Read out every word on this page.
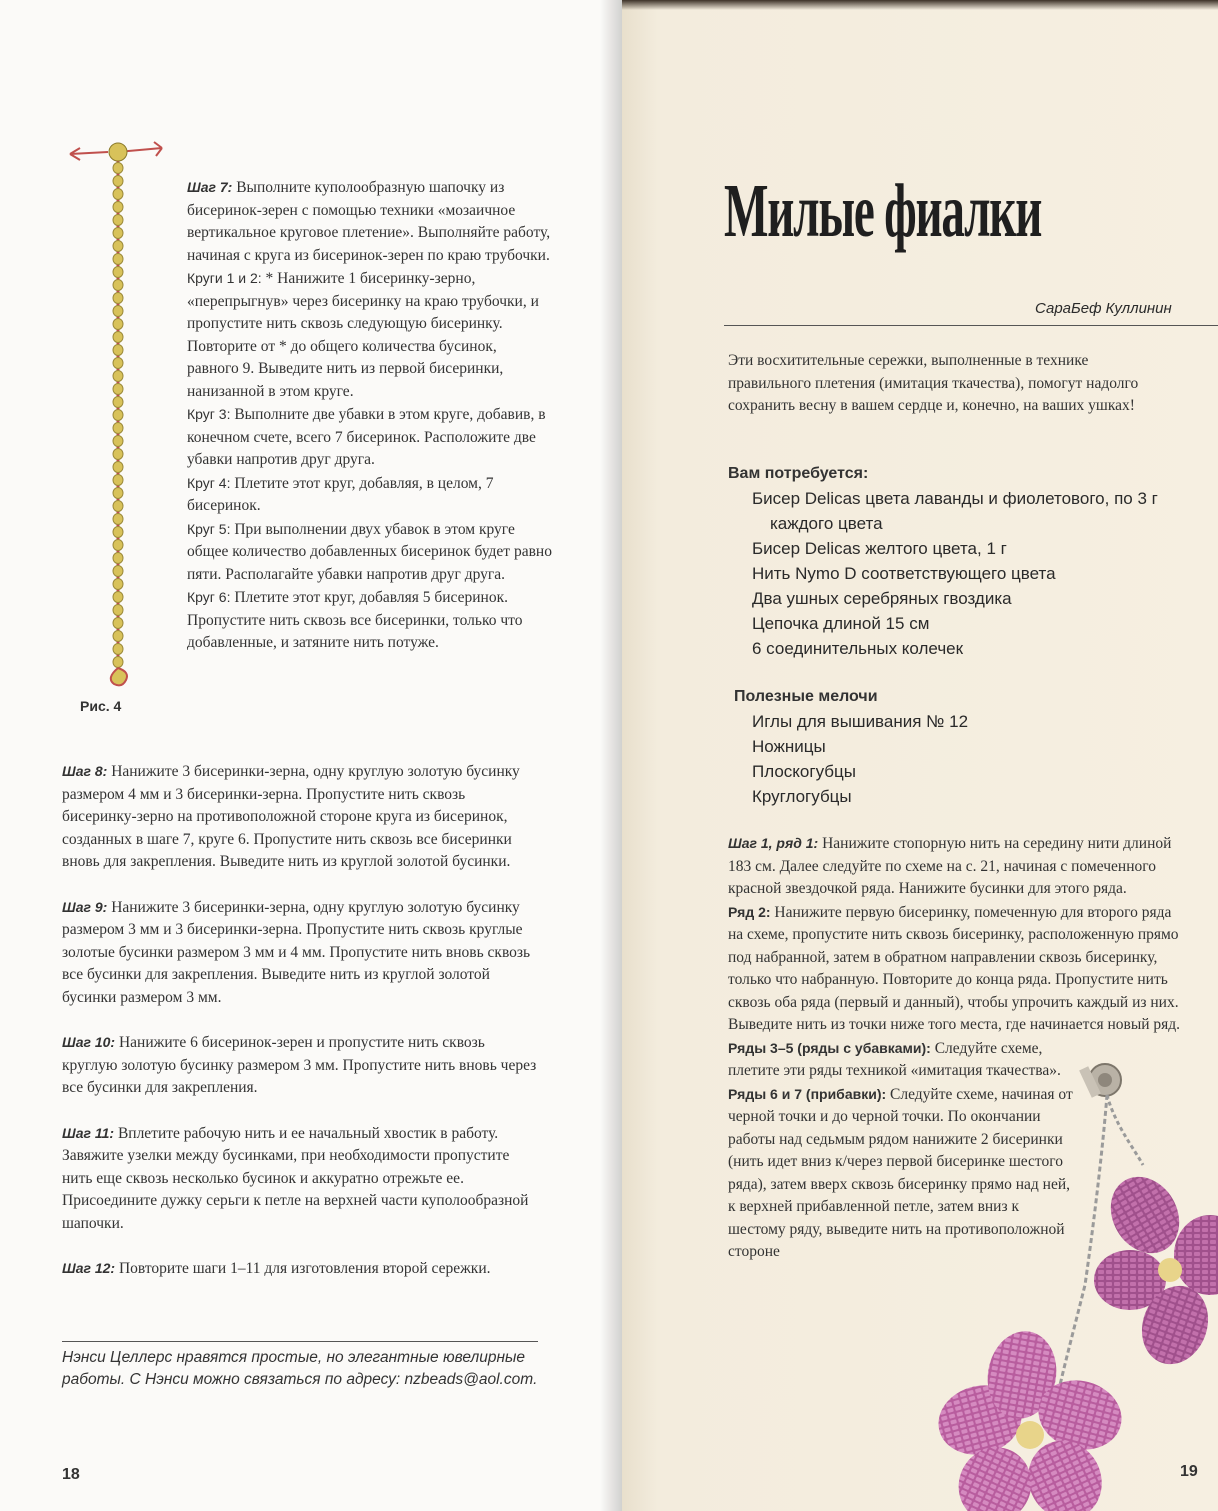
Рис. 4

Шаг 7: Выполните куполообразную шапочку из бисеринок-зерен с помощью техники «мозаичное вертикальное круговое плетение». Выполняйте работу, начиная с круга из бисеринок-зерен по краю трубочки.

Круги 1 и 2: * Нанижите 1 бисеринку-зерно, «перепрыгнув» через бисеринку на краю трубочки, и пропустите нить сквозь следующую бисеринку. Повторите от * до общего количества бусинок, равного 9. Выведите нить из первой бисеринки, нанизанной в этом круге.

Круг 3: Выполните две убавки в этом круге, добавив, в конечном счете, всего 7 бисеринок. Расположите две убавки напротив друг друга.

Круг 4: Плетите этот круг, добавляя, в целом, 7 бисеринок.

Круг 5: При выполнении двух убавок в этом круге общее количество добавленных бисеринок будет равно пяти. Располагайте убавки напротив друг друга.

Круг 6: Плетите этот круг, добавляя 5 бисеринок. Пропустите нить сквозь все бисеринки, только что добавленные, и затяните нить потуже.

Шаг 8: Нанижите 3 бисеринки-зерна, одну круглую золотую бусинку размером 4 мм и 3 бисеринки-зерна. Пропустите нить сквозь бисеринку-зерно на противоположной стороне круга из бисеринок, созданных в шаге 7, круге 6. Пропустите нить сквозь все бисеринки вновь для закрепления. Выведите нить из круглой золотой бусинки.

Шаг 9: Нанижите 3 бисеринки-зерна, одну круглую золотую бусинку размером 3 мм и 3 бисеринки-зерна. Пропустите нить сквозь круглые золотые бусинки размером 3 мм и 4 мм. Пропустите нить вновь сквозь все бусинки для закрепления. Выведите нить из круглой золотой бусинки размером 3 мм.

Шаг 10: Нанижите 6 бисеринок-зерен и пропустите нить сквозь круглую золотую бусинку размером 3 мм. Пропустите нить вновь через все бусинки для закрепления.

Шаг 11: Вплетите рабочую нить и ее начальный хвостик в работу. Завяжите узелки между бусинками, при необходимости пропустите нить еще сквозь несколько бусинок и аккуратно отрежьте ее. Присоедините дужку серьги к петле на верхней части куполообразной шапочки.

Шаг 12: Повторите шаги 1–11 для изготовления второй сережки.

Нэнси Целлерс нравятся простые, но элегантные ювелирные работы. С Нэнси можно связаться по адресу: nzbeads@aol.com.
18
Милые фиалки
СараБеф Куллинин
Эти восхитительные сережки, выполненные в технике правильного плетения (имитация ткачества), помогут надолго сохранить весну в вашем сердце и, конечно, на ваших ушках!
Вам потребуется:
Бисер Delicas цвета лаванды и фиолетового, по 3 г
каждого цвета
Бисер Delicas желтого цвета, 1 г
Нить Nymo D соответствующего цвета
Два ушных серебряных гвоздика
Цепочка длиной 15 см
6 соединительных колечек
Полезные мелочи
Иглы для вышивания № 12
Ножницы
Плоскогубцы
Круглогубцы

Шаг 1, ряд 1: Нанижите стопорную нить на середину нити длиной 183 см. Далее следуйте по схеме на с. 21, начиная с помеченного красной звездочкой ряда. Нанижите бусинки для этого ряда.

Ряд 2: Нанижите первую бисеринку, помеченную для второго ряда на схеме, пропустите нить сквозь бисеринку, расположенную прямо под набранной, затем в обратном направлении сквозь бисеринку, только что набранную. Повторите до конца ряда. Пропустите нить сквозь оба ряда (первый и данный), чтобы упрочить каждый из них. Выведите нить из точки ниже того места, где начинается новый ряд.

Ряды 3–5 (ряды с убавками): Следуйте схеме, плетите эти ряды техникой «имитация ткачества».

Ряды 6 и 7 (прибавки): Следуйте схеме, начиная от черной точки и до черной точки. По окончании работы над седьмым рядом нанижите 2 бисеринки (нить идет вниз к/через первой бисеринке шестого ряда), затем вверх сквозь бисеринку прямо над ней, к верхней прибавленной петле, затем вниз к шестому ряду, выведите нить на противоположной стороне

19
